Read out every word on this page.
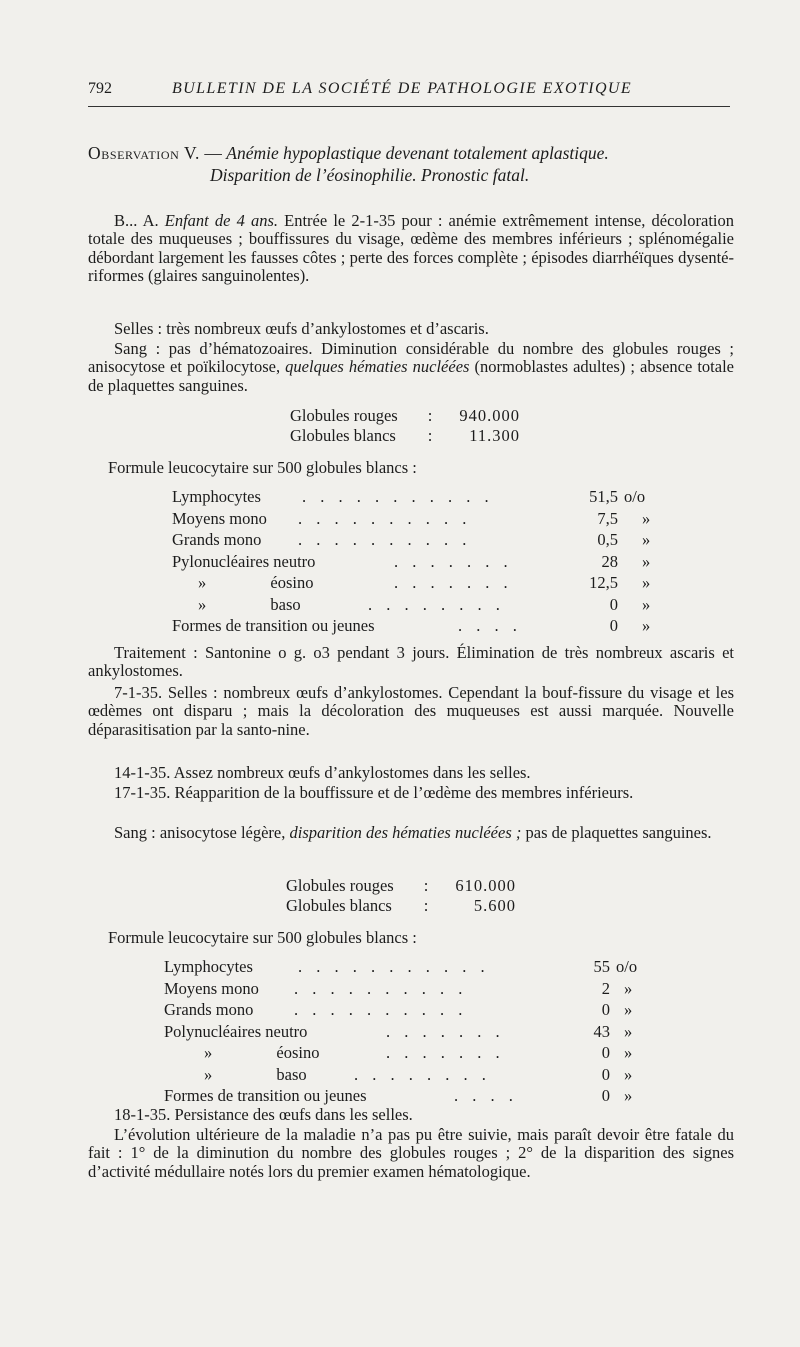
792	BULLETIN DE LA SOCIÉTÉ DE PATHOLOGIE EXOTIQUE
Observation V. — Anémie hypoplastique devenant totalement aplastique.
Disparition de l’éosinophilie. Pronostic fatal.
B... A. Enfant de 4 ans. Entrée le 2-1-35 pour : anémie extrêmement intense, décoloration totale des muqueuses ; bouffissures du visage, œdème des membres inférieurs ; splénomégalie débordant largement les fausses côtes ; perte des forces complète ; épisodes diarrhéïques dysenté-riformes (glaires sanguinolentes).
Selles : très nombreux œufs d’ankylostomes et d’ascaris.
Sang : pas d’hématozoaires. Diminution considérable du nombre des globules rouges ; anisocytose et poïkilocytose, quelques hématies nucléées (normoblastes adultes) ; absence totale de plaquettes sanguines.
Globules rouges	:	940.000
Globules blancs	:	11.300
Formule leucocytaire sur 500 globules blancs :
Lymphocytes . . . . . . . . . . .	51,5 o/o
Moyens mono . . . . . . . . . .	7,5 »
Grands mono . . . . . . . . . .	0,5 »
Pylonucléaires neutro	. . . . . . .	28 »
» éosino	. . . . . . .	12,5 »
» baso	. . . . . . . .	0 »
Formes de transition ou jeunes	. . . .	0 »
Traitement : Santonine o g. o3 pendant 3 jours. Élimination de très nombreux ascaris et ankylostomes.
7-1-35. Selles : nombreux œufs d’ankylostomes. Cependant la bouf-fissure du visage et les œdèmes ont disparu ; mais la décoloration des muqueuses est aussi marquée. Nouvelle déparasitisation par la santo-nine.
14-1-35. Assez nombreux œufs d’ankylostomes dans les selles.
17-1-35. Réapparition de la bouffissure et de l’œdème des membres inférieurs.
Sang : anisocytose légère, disparition des hématies nucléées ; pas de plaquettes sanguines.
Globules rouges	:	610.000
Globules blancs	:	5.600
Formule leucocytaire sur 500 globules blancs :
Lymphocytes	. . . . . . . . . . .	55 o/o
Moyens mono . . . . . . . . . .	2 »
Grands mono . . . . . . . . . .	0 »
Polynucléaires neutro	. . . . . . .	43 »
» éosino	. . . . . . .	0 »
» baso	. . . . . . . .	0 »
Formes de transition ou jeunes	. . . .	0 »
18-1-35. Persistance des œufs dans les selles.
L’évolution ultérieure de la maladie n’a pas pu être suivie, mais paraît devoir être fatale du fait : 1° de la diminution du nombre des globules rouges ; 2° de la disparition des signes d’activité médullaire notés lors du premier examen hématologique.
